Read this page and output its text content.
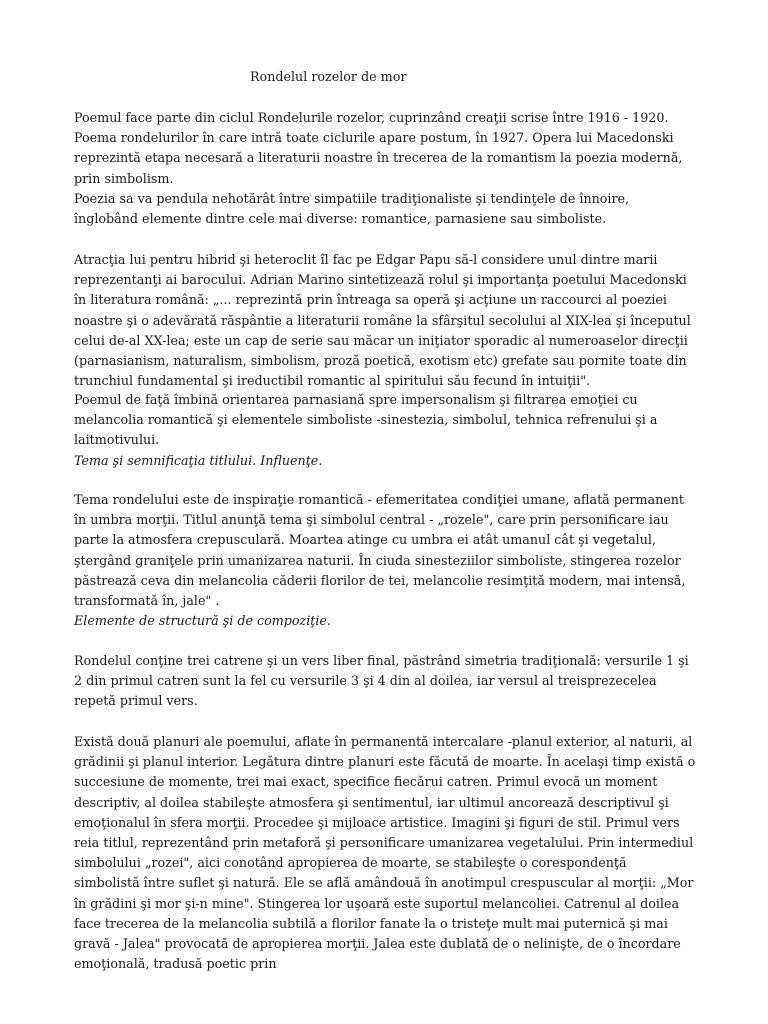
Rondelul rozelor de mor
Poemul face parte din ciclul Rondelurile rozelor, cuprinzând creaţii scrise între 1916 - 1920. Poema rondelurilor în care intră toate ciclurile apare postum, în 1927. Opera lui Macedonski reprezintă etapa necesară a literaturii noastre în trecerea de la romantism la poezia modernă, prin simbolism.
Poezia sa va pendula nehotărât între simpatiile tradiţionaliste şi tendinţele de înnoire, înglobând elemente dintre cele mai diverse: romantice, parnasiene sau simboliste.
Atracţia lui pentru hibrid şi heteroclit îl fac pe Edgar Papu să-l considere unul dintre marii reprezentanţi ai barocului. Adrian Marino sintetizează rolul şi importanţa poetului Macedonski în literatura română: „... reprezintă prin întreaga sa operă şi acţiune un raccourci al poeziei noastre şi o adevărată răspântie a literaturii române la sfârşitul secolului al XIX-lea şi începutul celui de-al XX-lea; este un cap de serie sau măcar un iniţiator sporadic al numeroaselor direcţii (parnasianism, naturalism, simbolism, proză poetică, exotism etc) grefate sau pornite toate din trunchiul fundamental şi ireductibil romantic al spiritului său fecund în intuiţii".
Poemul de faţă îmbină orientarea parnasiană spre impersonalism şi filtrarea emoţiei cu melancolia romantică şi elementele simboliste -sinestezia, simbolul, tehnica refrenului şi a laitmotivului.
Tema şi semnificaţia titlului. Influenţe.
Tema rondelului este de inspiraţie romantică - efemeritatea condiţiei umane, aflată permanent în umbra morţii. Titlul anunţă tema şi simbolul central - „rozele", care prin personificare iau parte la atmosfera crepusculară. Moartea atinge cu umbra ei atât umanul cât şi vegetalul, ştergând graniţele prin umanizarea naturii. În ciuda sinesteziilor simboliste, stingerea rozelor păstrează ceva din melancolia căderii florilor de tei, melancolie resimţită modern, mai intensă, transformată în, jale" .
Elemente de structură şi de compoziţie.
Rondelul conţine trei catrene şi un vers liber final, păstrând simetria tradiţională: versurile 1 şi 2 din primul catren sunt la fel cu versurile 3 şi 4 din al doilea, iar versul al treisprezecelea repetă primul vers.
Există două planuri ale poemului, aflate în permanentă intercalare -planul exterior, al naturii, al grădinii şi planul interior. Legătura dintre planuri este făcută de moarte. În acelaşi timp există o succesiune de momente, trei mai exact, specifice fiecărui catren. Primul evocă un moment descriptiv, al doilea stabileşte atmosfera şi sentimentul, iar ultimul ancorează descriptivul şi emoţionalul în sfera morţii. Procedee şi mijloace artistice. Imagini şi figuri de stil. Primul vers reia titlul, reprezentând prin metaforă şi personificare umanizarea vegetalului. Prin intermediul simbolului „rozei", aici conotând apropierea de moarte, se stabileşte o corespondenţă simbolistă între suflet şi natură. Ele se află amândouă în anotimpul crespuscular al morţii: „Mor în grădini şi mor şi-n mine". Stingerea lor uşoară este suportul melancoliei. Catrenul al doilea face trecerea de la melancolia subtilă a florilor fanate la o tristeţe mult mai puternică şi mai gravă - Jalea" provocată de apropierea morţii. Jalea este dublată de o nelinişte, de o încordare emoţională, tradusă poetic prin
